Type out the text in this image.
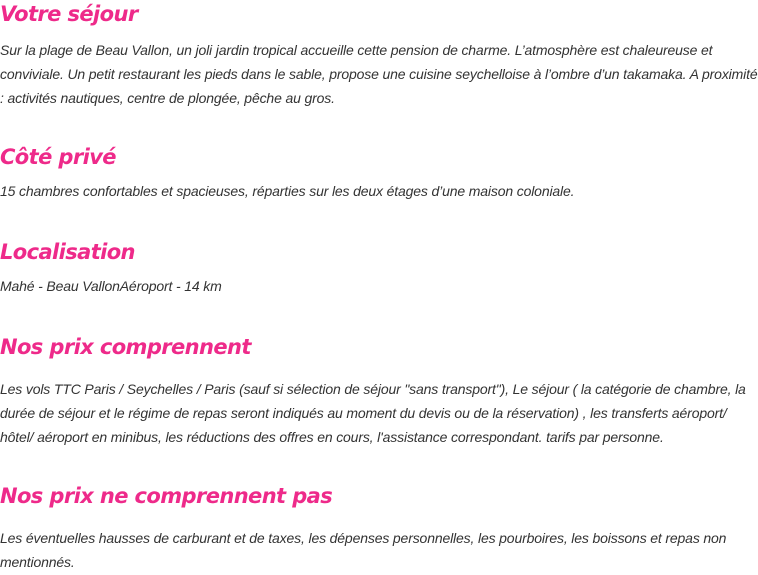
Votre séjour

Sur la plage de Beau Vallon, un joli jardin tropical accueille cette pension de charme. L’atmosphère est chaleureuse et conviviale. Un petit restaurant les pieds dans le sable, propose une cuisine seychelloise à l’ombre d’un takamaka. A proximité : activités nautiques, centre de plongée, pêche au gros.

Côté privé

15 chambres confortables et spacieuses, réparties sur les deux étages d’une maison coloniale.

Localisation

Mahé - Beau VallonAéroport - 14 km

Nos prix comprennent

Les vols TTC Paris / Seychelles / Paris (sauf si sélection de séjour "sans transport"), Le séjour ( la catégorie de chambre, la durée de séjour et le régime de repas seront indiqués au moment du devis ou de la réservation) , les transferts aéroport/ hôtel/ aéroport en minibus, les réductions des offres en cours, l'assistance correspondant. tarifs par personne.

Nos prix ne comprennent pas

Les éventuelles hausses de carburant et de taxes, les dépenses personnelles, les pourboires, les boissons et repas non mentionnés.
